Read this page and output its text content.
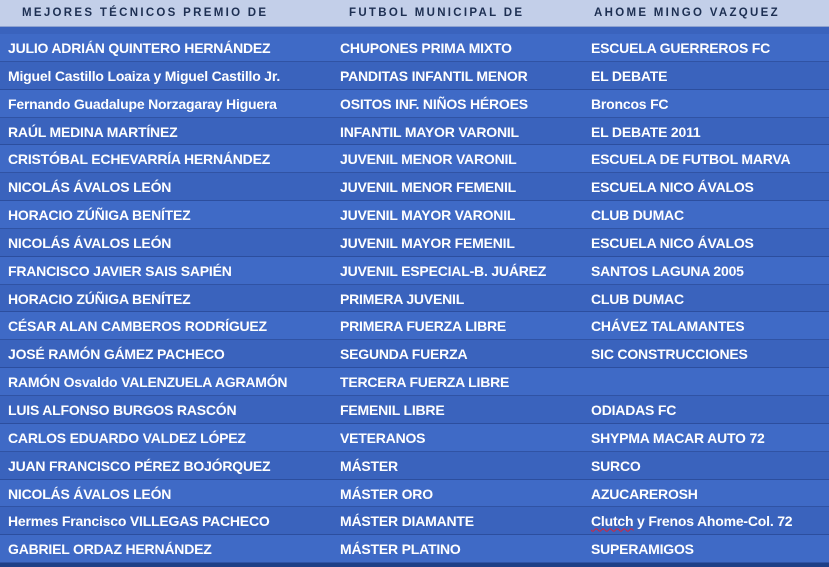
MEJORES TÉCNICOS PREMIO DE	FUTBOL MUNICIPAL DE	AHOME MINGO VAZQUEZ
JULIO ADRIÁN QUINTERO HERNÁNDEZ	CHUPONES PRIMA MIXTO	ESCUELA GUERREROS FC
Miguel Castillo Loaiza y Miguel Castillo Jr.	PANDITAS INFANTIL MENOR	EL DEBATE
Fernando Guadalupe Norzagaray Higuera	OSITOS INF. NIÑOS HÉROES	Broncos FC
RAÚL MEDINA MARTÍNEZ	INFANTIL MAYOR VARONIL	EL DEBATE 2011
CRISTÓBAL ECHEVARRÍA HERNÁNDEZ	JUVENIL MENOR VARONIL	ESCUELA DE FUTBOL MARVA
NICOLÁS ÁVALOS LEÓN	JUVENIL MENOR FEMENIL	ESCUELA NICO ÁVALOS
HORACIO ZÚÑIGA BENÍTEZ	JUVENIL MAYOR VARONIL	CLUB DUMAC
NICOLÁS ÁVALOS LEÓN	JUVENIL MAYOR FEMENIL	ESCUELA NICO ÁVALOS
FRANCISCO JAVIER SAIS SAPIÉN	JUVENIL ESPECIAL-B. JUÁREZ	SANTOS LAGUNA 2005
HORACIO ZÚÑIGA BENÍTEZ	PRIMERA JUVENIL	CLUB DUMAC
CÉSAR ALAN CAMBEROS RODRÍGUEZ	PRIMERA FUERZA LIBRE	CHÁVEZ TALAMANTES
JOSÉ RAMÓN GÁMEZ PACHECO	SEGUNDA FUERZA	SIC CONSTRUCCIONES
RAMÓN Osvaldo VALENZUELA AGRAMÓN	TERCERA FUERZA LIBRE
LUIS ALFONSO BURGOS RASCÓN	FEMENIL LIBRE	ODIADAS FC
CARLOS EDUARDO VALDEZ LÓPEZ	VETERANOS	SHYPMA MACAR AUTO 72
JUAN FRANCISCO PÉREZ BOJÓRQUEZ	MÁSTER	SURCO
NICOLÁS ÁVALOS LEÓN	MÁSTER ORO	AZUCAREROSH
Hermes Francisco VILLEGAS PACHECO	MÁSTER DIAMANTE	Clutch y Frenos Ahome-Col. 72
GABRIEL ORDAZ HERNÁNDEZ	MÁSTER PLATINO	SUPERAMIGOS
